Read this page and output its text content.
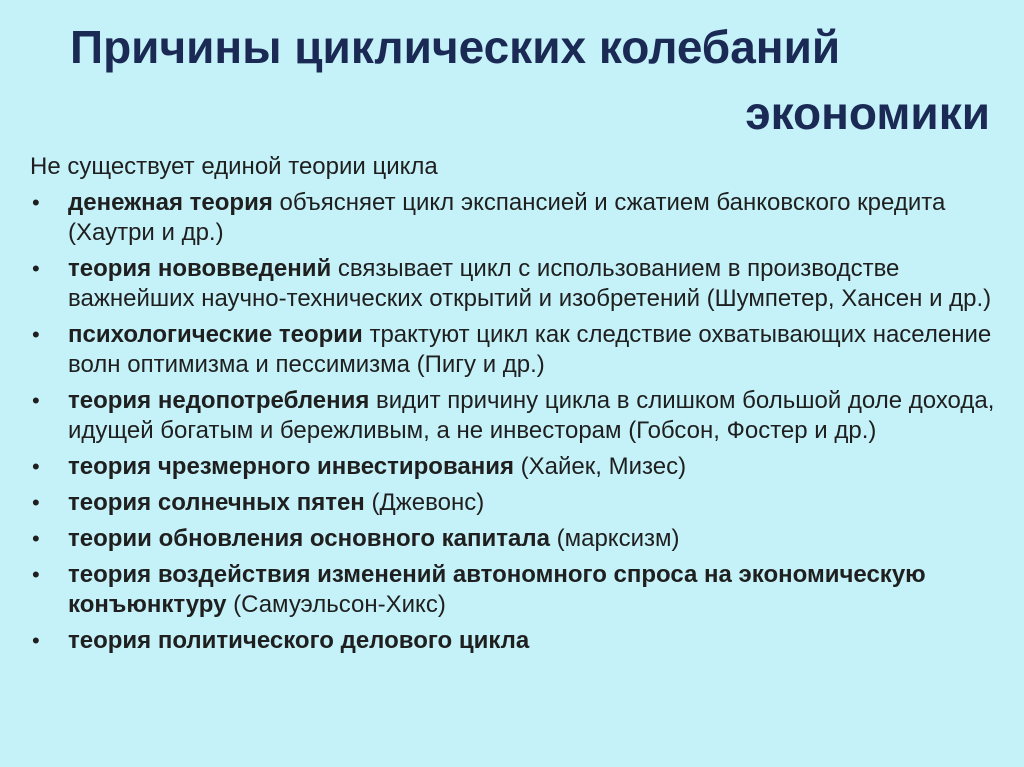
Причины циклических колебаний
экономики

Не существует единой теории цикла

• денежная теория объясняет цикл экспансией и сжатием банковского кредита (Хаутри и др.)
• теория нововведений связывает цикл с использованием в производстве важнейших научно-технических открытий и изобретений (Шумпетер, Хансен и др.)
• психологические теории трактуют цикл как следствие охватывающих население волн оптимизма и пессимизма (Пигу и др.)
• теория недопотребления видит причину цикла в слишком большой доле дохода, идущей богатым и бережливым, а не инвесторам (Гобсон, Фостер и др.)
• теория чрезмерного инвестирования (Хайек, Мизес)
• теория солнечных пятен (Джевонс)
• теории обновления основного капитала (марксизм)
• теория воздействия изменений автономного спроса на экономическую конъюнктуру (Самуэльсон-Хикс)
• теория политического делового цикла
